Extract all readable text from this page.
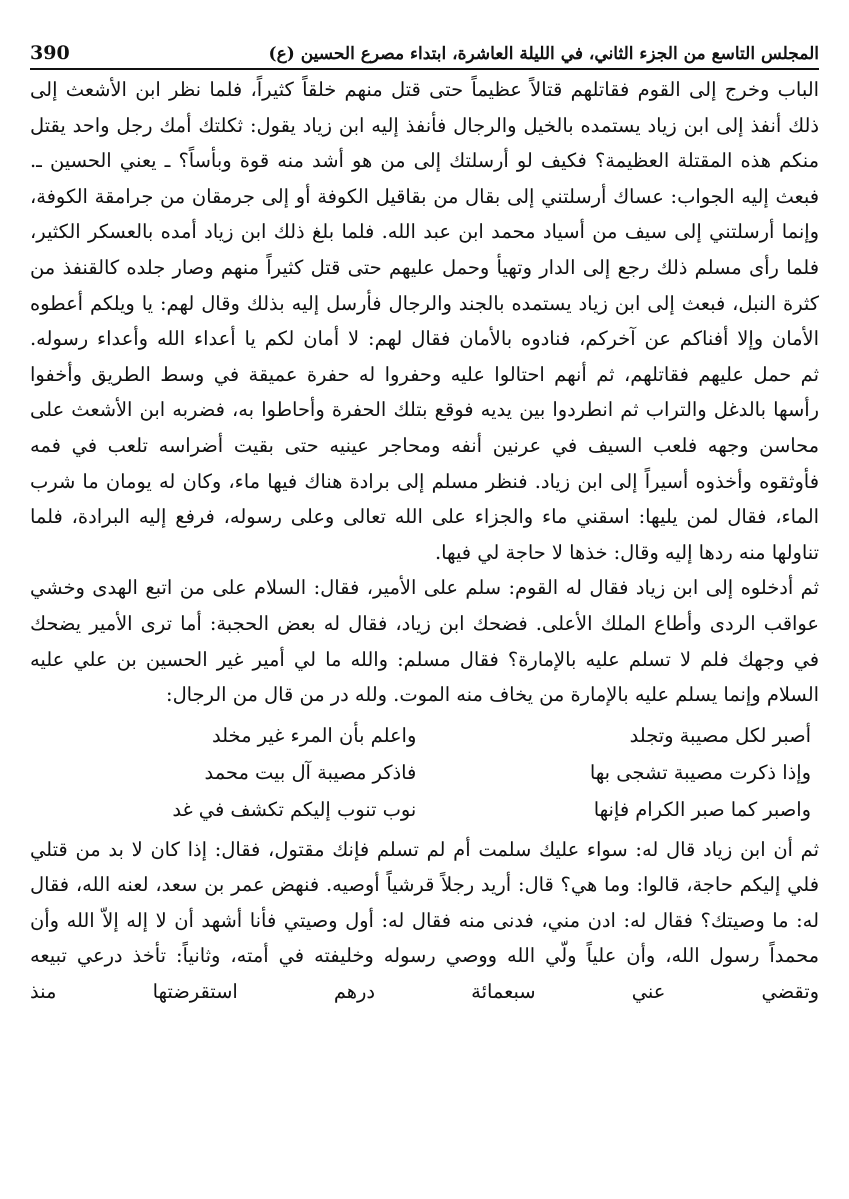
390	المجلس التاسع من الجزء الثاني، في الليلة العاشرة، ابتداء مصرع الحسين (ع)

الباب وخرج إلى القوم فقاتلهم قتالاً عظيماً حتى قتل منهم خلقاً كثيراً، فلما نظر ابن الأشعث إلى ذلك أنفذ إلى ابن زياد يستمده بالخيل والرجال فأنفذ إليه ابن زياد يقول: ثكلتك أمك رجل واحد يقتل منكم هذه المقتلة العظيمة؟ فكيف لو أرسلتك إلى من هو أشد منه قوة وبأساً؟ ـ يعني الحسين ـ. فبعث إليه الجواب: عساك أرسلتني إلى بقال من بقاقيل الكوفة أو إلى جرمقان من جرامقة الكوفة، وإنما أرسلتني إلى سيف من أسياد محمد ابن عبد الله. فلما بلغ ذلك ابن زياد أمده بالعسكر الكثير، فلما رأى مسلم ذلك رجع إلى الدار وتهيأ وحمل عليهم حتى قتل كثيراً منهم وصار جلده كالقنفذ من كثرة النبل، فبعث إلى ابن زياد يستمده بالجند والرجال فأرسل إليه بذلك وقال لهم: يا ويلكم أعطوه الأمان وإلا أفناكم عن آخركم، فنادوه بالأمان فقال لهم: لا أمان لكم يا أعداء الله وأعداء رسوله.

ثم حمل عليهم فقاتلهم، ثم أنهم احتالوا عليه وحفروا له حفرة عميقة في وسط الطريق وأخفوا رأسها بالدغل والتراب ثم انطردوا بين يديه فوقع بتلك الحفرة وأحاطوا به، فضربه ابن الأشعث على محاسن وجهه فلعب السيف في عرنين أنفه ومحاجر عينيه حتى بقيت أضراسه تلعب في فمه فأوثقوه وأخذوه أسيراً إلى ابن زياد. فنظر مسلم إلى برادة هناك فيها ماء، وكان له يومان ما شرب الماء، فقال لمن يليها: اسقني ماء والجزاء على الله تعالى وعلى رسوله، فرفع إليه البرادة، فلما تناولها منه ردها إليه وقال: خذها لا حاجة لي فيها.

ثم أدخلوه إلى ابن زياد فقال له القوم: سلم على الأمير، فقال: السلام على من اتبع الهدى وخشي عواقب الردى وأطاع الملك الأعلى. فضحك ابن زياد، فقال له بعض الحجبة: أما ترى الأمير يضحك في وجهك فلم لا تسلم عليه بالإمارة؟ فقال مسلم: والله ما لي أمير غير الحسين بن علي عليه السلام وإنما يسلم عليه بالإمارة من يخاف منه الموت. ولله در من قال من الرجال:

أصبر لكل مصيبة وتجلد
واعلم بأن المرء غير مخلد
وإذا ذكرت مصيبة تشجى بها
فاذكر مصيبة آل بيت محمد
واصبر كما صبر الكرام فإنها
نوب تنوب إليكم تكشف في غد

ثم أن ابن زياد قال له: سواء عليك سلمت أم لم تسلم فإنك مقتول، فقال: إذا كان لا بد من قتلي فلي إليكم حاجة، قالوا: وما هي؟ قال: أريد رجلاً قرشياً أوصيه. فنهض عمر بن سعد، لعنه الله، فقال له: ما وصيتك؟ فقال له: ادن مني، فدنى منه فقال له: أول وصيتي فأنا أشهد أن لا إله إلاّ الله وأن محمداً رسول الله، وأن علياً ولّي الله ووصي رسوله وخليفته في أمته، وثانياً: تأخذ درعي تبيعه وتقضي عني سبعمائة درهم استقرضتها منذ
